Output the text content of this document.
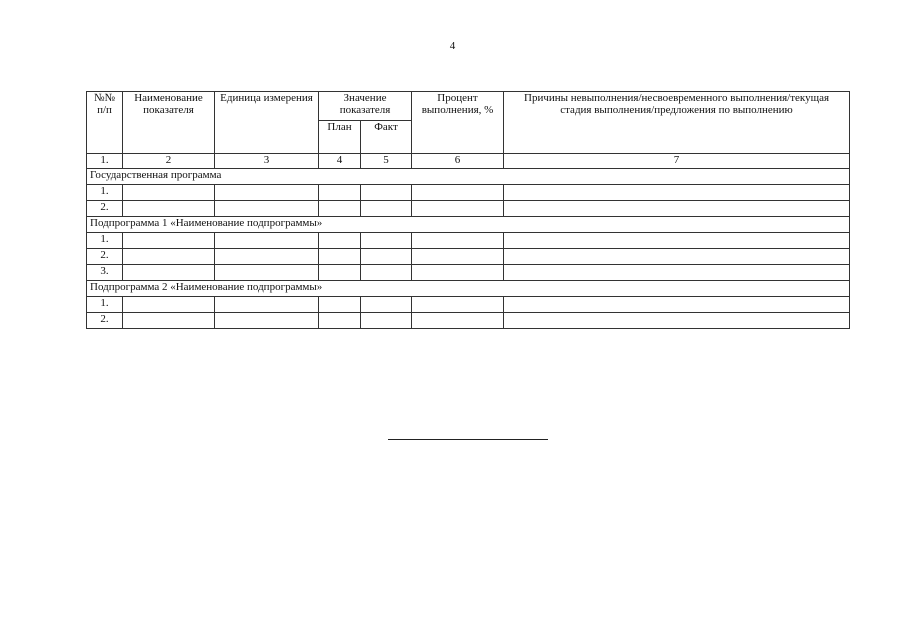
4
№№ п/п	Наименование показателя	Единица измерения	Значение показателя		Процент выполнения, %	Причины невыполнения/несвоевременного выполнения/текущая стадия выполнения/предложения по выполнению
			План	Факт		
1.	2	3	4	5	6	7
Государственная программа						
1.						
2.						
Подпрограмма 1 «Наименование подпрограммы»						
1.						
2.						
3.						
Подпрограмма 2 «Наименование подпрограммы»						
1.						
2.						
